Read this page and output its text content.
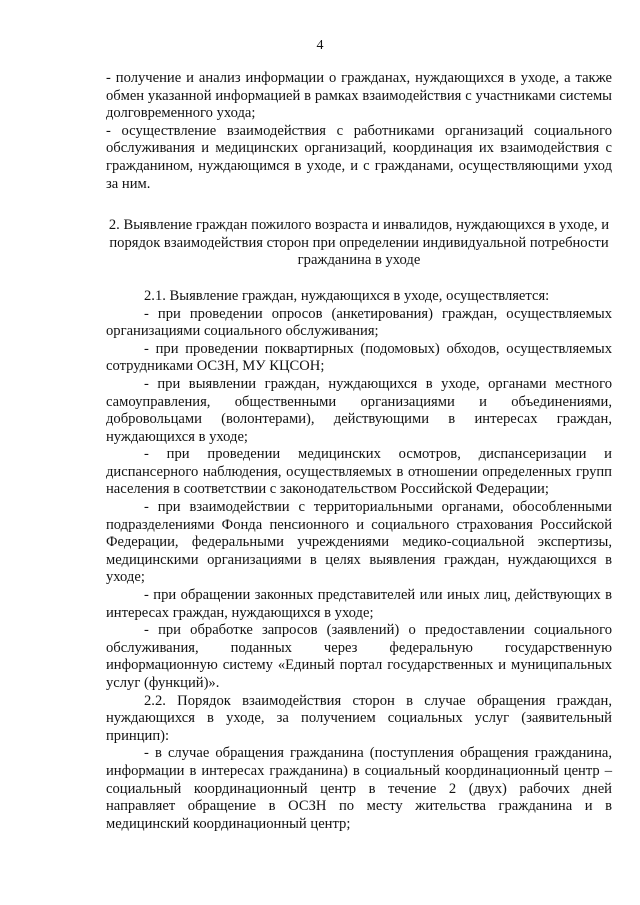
4

- получение и анализ информации о гражданах, нуждающихся в уходе, а также обмен указанной информацией в рамках взаимодействия с участниками системы долговременного ухода;

- осуществление взаимодействия с работниками организаций социального обслуживания и медицинских организаций, координация их взаимодействия с гражданином, нуждающимся в уходе, и с гражданами, осуществляющими уход за ним.

2. Выявление граждан пожилого возраста и инвалидов, нуждающихся в уходе, и порядок взаимодействия сторон при определении индивидуальной потребности гражданина в уходе

2.1. Выявление граждан, нуждающихся в уходе, осуществляется:

- при проведении опросов (анкетирования) граждан, осуществляемых организациями социального обслуживания;

- при проведении поквартирных (подомовых) обходов, осуществляемых сотрудниками ОСЗН, МУ КЦСОН;

- при выявлении граждан, нуждающихся в уходе, органами местного самоуправления, общественными организациями и объединениями, добровольцами (волонтерами), действующими в интересах граждан, нуждающихся в уходе;

- при проведении медицинских осмотров, диспансеризации и диспансерного наблюдения, осуществляемых в отношении определенных групп населения в соответствии с законодательством Российской Федерации;

- при взаимодействии с территориальными органами, обособленными подразделениями Фонда пенсионного и социального страхования Российской Федерации, федеральными учреждениями медико-социальной экспертизы, медицинскими организациями в целях выявления граждан, нуждающихся в уходе;

- при обращении законных представителей или иных лиц, действующих в интересах граждан, нуждающихся в уходе;

- при обработке запросов (заявлений) о предоставлении социального обслуживания, поданных через федеральную государственную информационную систему «Единый портал государственных и муниципальных услуг (функций)».

2.2. Порядок взаимодействия сторон в случае обращения граждан, нуждающихся в уходе, за получением социальных услуг (заявительный принцип):

- в случае обращения гражданина (поступления обращения гражданина, информации в интересах гражданина) в социальный координационный центр – социальный координационный центр в течение 2 (двух) рабочих дней направляет обращение в ОСЗН по месту жительства гражданина и в медицинский координационный центр;
